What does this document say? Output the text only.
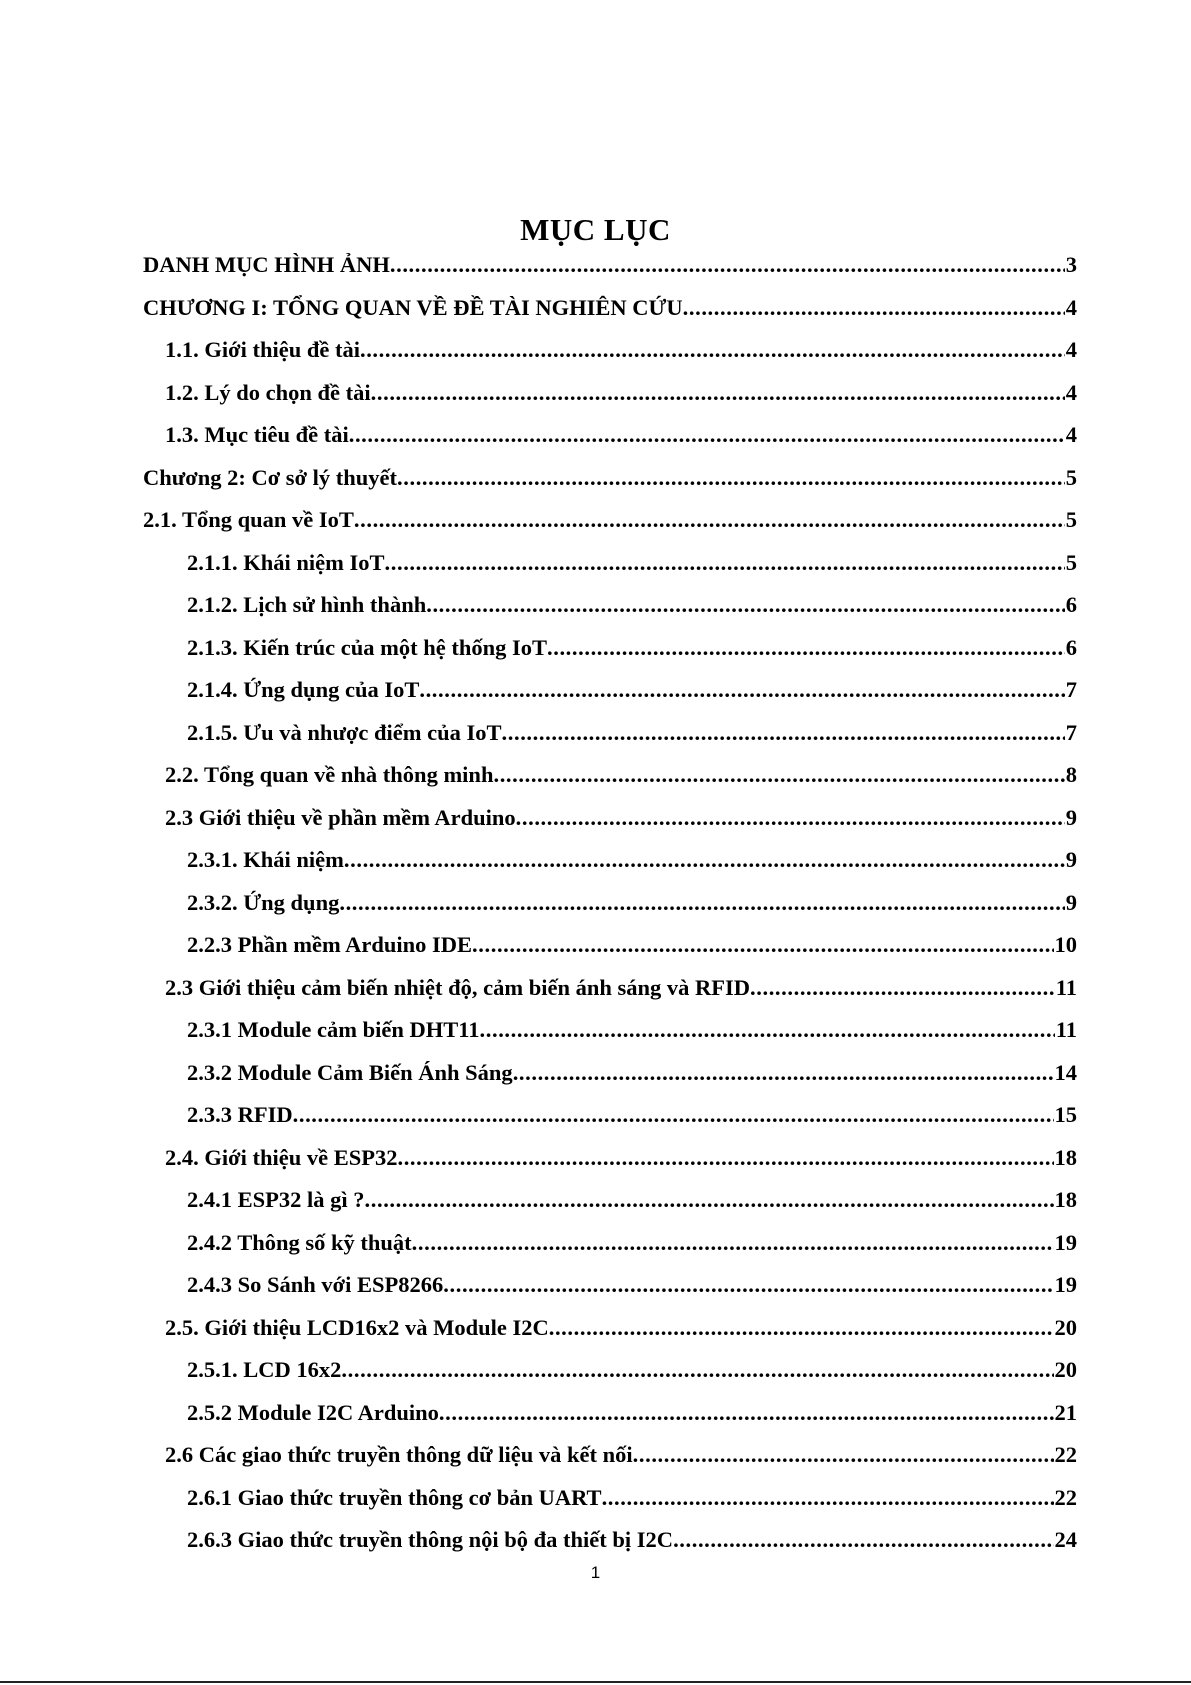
MỤC LỤC
DANH MỤC HÌNH ẢNH .....	3
CHƯƠNG I: TỔNG QUAN VỀ ĐỀ TÀI NGHIÊN CỨU .....	4
1.1. Giới thiệu đề tài .....	4
1.2. Lý do chọn đề tài .....	4
1.3. Mục tiêu đề tài .....	4
Chương 2: Cơ sở lý thuyết .....	5
2.1. Tổng quan về IoT .....	5
2.1.1. Khái niệm IoT .....	5
2.1.2. Lịch sử hình thành .....	6
2.1.3. Kiến trúc của một hệ thống IoT .....	6
2.1.4. Ứng dụng của IoT .....	7
2.1.5. Ưu và nhược điểm của IoT .....	7
2.2. Tổng quan về nhà thông minh .....	8
2.3 Giới thiệu về phần mềm Arduino .....	9
2.3.1. Khái niệm .....	9
2.3.2. Ứng dụng .....	9
2.2.3 Phần mềm Arduino IDE .....	10
2.3 Giới thiệu cảm biến nhiệt độ, cảm biến ánh sáng và RFID .....	11
2.3.1 Module cảm biến DHT11 .....	11
2.3.2 Module Cảm Biến Ánh Sáng .....	14
2.3.3 RFID .....	15
2.4. Giới thiệu về ESP32 .....	18
2.4.1 ESP32 là gì ? .....	18
2.4.2 Thông số kỹ thuật .....	19
2.4.3 So Sánh với ESP8266 .....	19
2.5. Giới thiệu LCD16x2 và Module I2C .....	20
2.5.1. LCD 16x2 .....	20
2.5.2 Module I2C Arduino .....	21
2.6 Các giao thức truyền thông dữ liệu và kết nối .....	22
2.6.1 Giao thức truyền thông cơ bản UART .....	22
2.6.3 Giao thức truyền thông nội bộ đa thiết bị I2C .....	24
1
